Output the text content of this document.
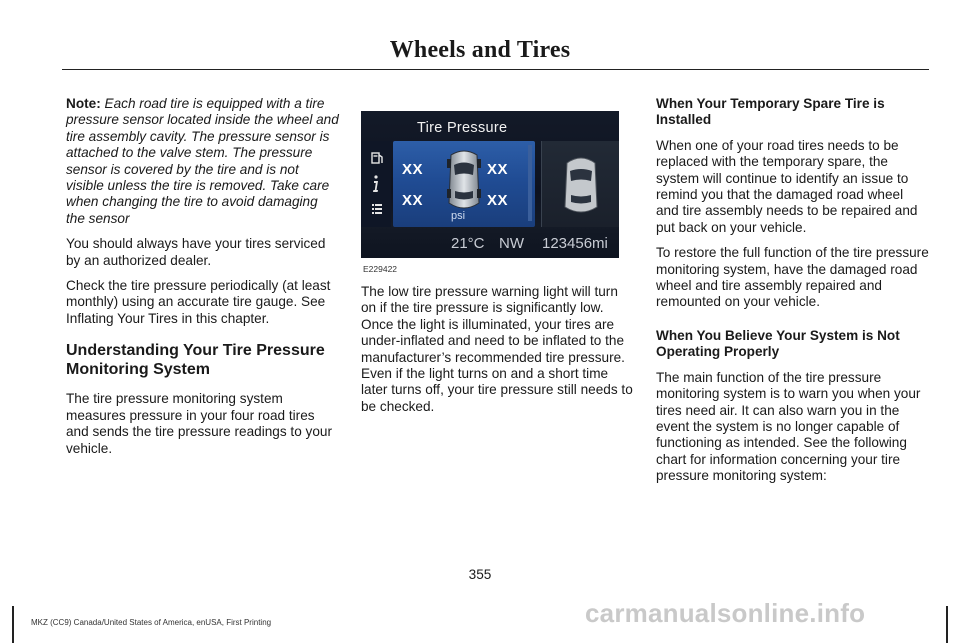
Wheels and Tires

Note: Each road tire is equipped with a tire pressure sensor located inside the wheel and tire assembly cavity. The pressure sensor is attached to the valve stem. The pressure sensor is covered by the tire and is not visible unless the tire is removed. Take care when changing the tire to avoid damaging the sensor

You should always have your tires serviced by an authorized dealer.

Check the tire pressure periodically (at least monthly) using an accurate tire gauge. See Inflating Your Tires in this chapter.

Understanding Your Tire Pressure Monitoring System

The tire pressure monitoring system measures pressure in your four road tires and sends the tire pressure readings to your vehicle.

Tire Pressure
XX	XX
XX	XX
psi
21°C NW 123456mi
E229422

The low tire pressure warning light will turn on if the tire pressure is significantly low. Once the light is illuminated, your tires are under-inflated and need to be inflated to the manufacturer’s recommended tire pressure. Even if the light turns on and a short time later turns off, your tire pressure still needs to be checked.

When Your Temporary Spare Tire is Installed

When one of your road tires needs to be replaced with the temporary spare, the system will continue to identify an issue to remind you that the damaged road wheel and tire assembly needs to be repaired and put back on your vehicle.

To restore the full function of the tire pressure monitoring system, have the damaged road wheel and tire assembly repaired and remounted on your vehicle.

When You Believe Your System is Not Operating Properly

The main function of the tire pressure monitoring system is to warn you when your tires need air. It can also warn you in the event the system is no longer capable of functioning as intended. See the following chart for information concerning your tire pressure monitoring system:

355
MKZ (CC9) Canada/United States of America, enUSA, First Printing	carmanualsonline.info
